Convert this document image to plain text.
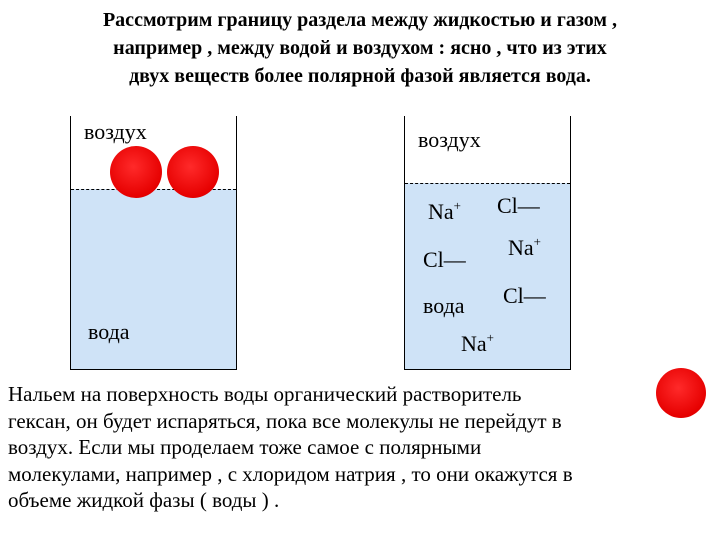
Рассмотрим границу раздела между жидкостью и газом ,
например , между водой и воздухом : ясно , что из этих
двух веществ более полярной фазой является вода.
воздух
вода
воздух
Na+ Cl—
Cl— Na+
вода Cl—
Na+

Нальем на поверхность воды органический растворитель
гексан, он будет испаряться, пока все молекулы не перейдут в
воздух. Если мы проделаем тоже самое с полярными
молекулами, например , с хлоридом натрия , то они окажутся в
объеме жидкой фазы ( воды ) .
